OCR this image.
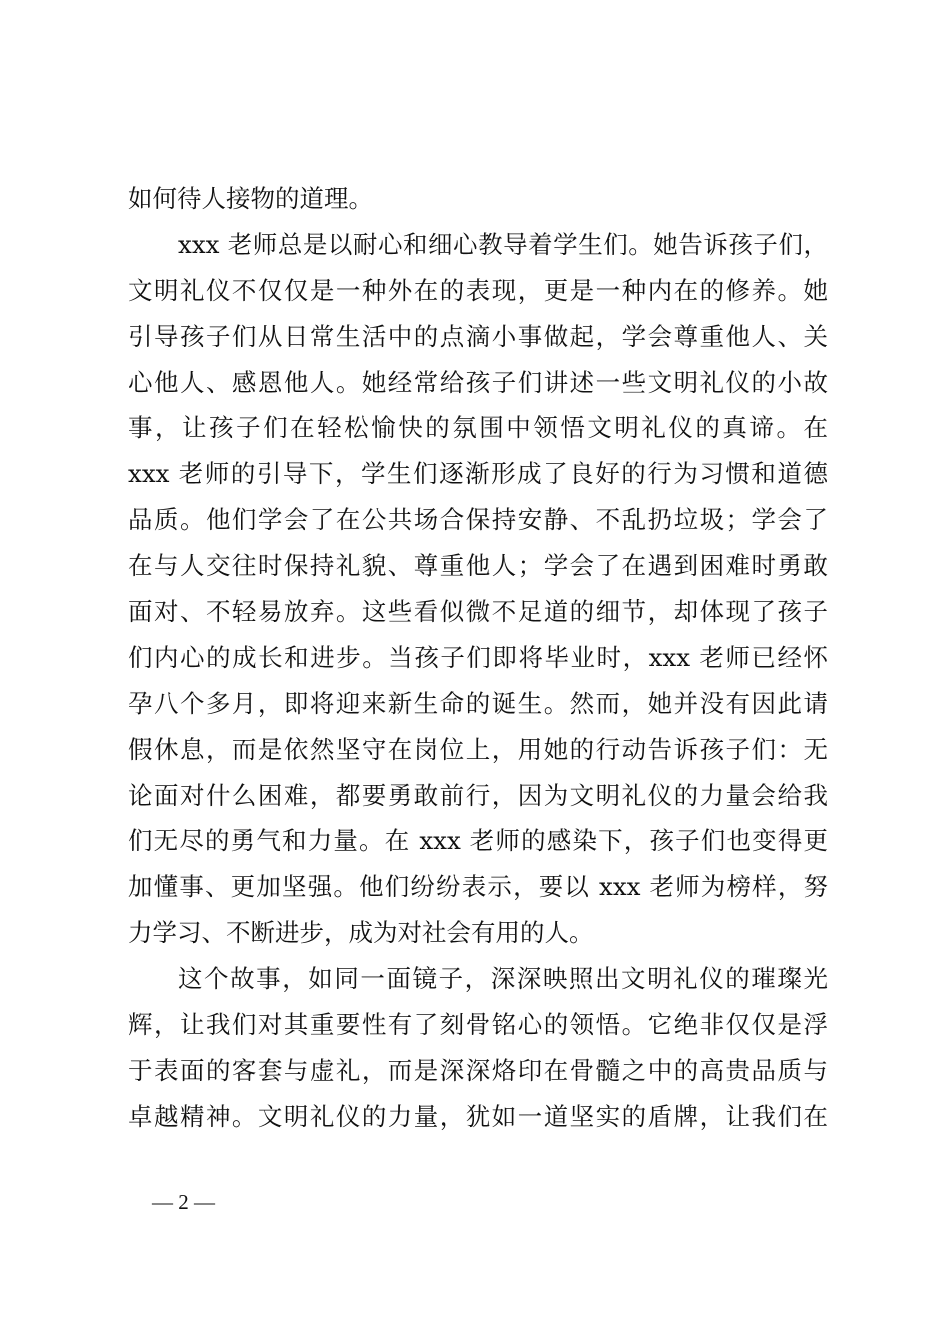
如何待人接物的道理。
xxx 老师总是以耐心和细心教导着学生们。她告诉孩子们，
文明礼仪不仅仅是一种外在的表现，更是一种内在的修养。她
引导孩子们从日常生活中的点滴小事做起，学会尊重他人、关
心他人、感恩他人。她经常给孩子们讲述一些文明礼仪的小故
事，让孩子们在轻松愉快的氛围中领悟文明礼仪的真谛。在
xxx 老师的引导下，学生们逐渐形成了良好的行为习惯和道德
品质。他们学会了在公共场合保持安静、不乱扔垃圾；学会了
在与人交往时保持礼貌、尊重他人；学会了在遇到困难时勇敢
面对、不轻易放弃。这些看似微不足道的细节，却体现了孩子
们内心的成长和进步。当孩子们即将毕业时，xxx 老师已经怀
孕八个多月，即将迎来新生命的诞生。然而，她并没有因此请
假休息，而是依然坚守在岗位上，用她的行动告诉孩子们：无
论面对什么困难，都要勇敢前行，因为文明礼仪的力量会给我
们无尽的勇气和力量。在 xxx 老师的感染下，孩子们也变得更
加懂事、更加坚强。他们纷纷表示，要以 xxx 老师为榜样，努
力学习、不断进步，成为对社会有用的人。
这个故事，如同一面镜子，深深映照出文明礼仪的璀璨光
辉，让我们对其重要性有了刻骨铭心的领悟。它绝非仅仅是浮
于表面的客套与虚礼，而是深深烙印在骨髓之中的高贵品质与
卓越精神。文明礼仪的力量，犹如一道坚实的盾牌，让我们在
— 2 —
